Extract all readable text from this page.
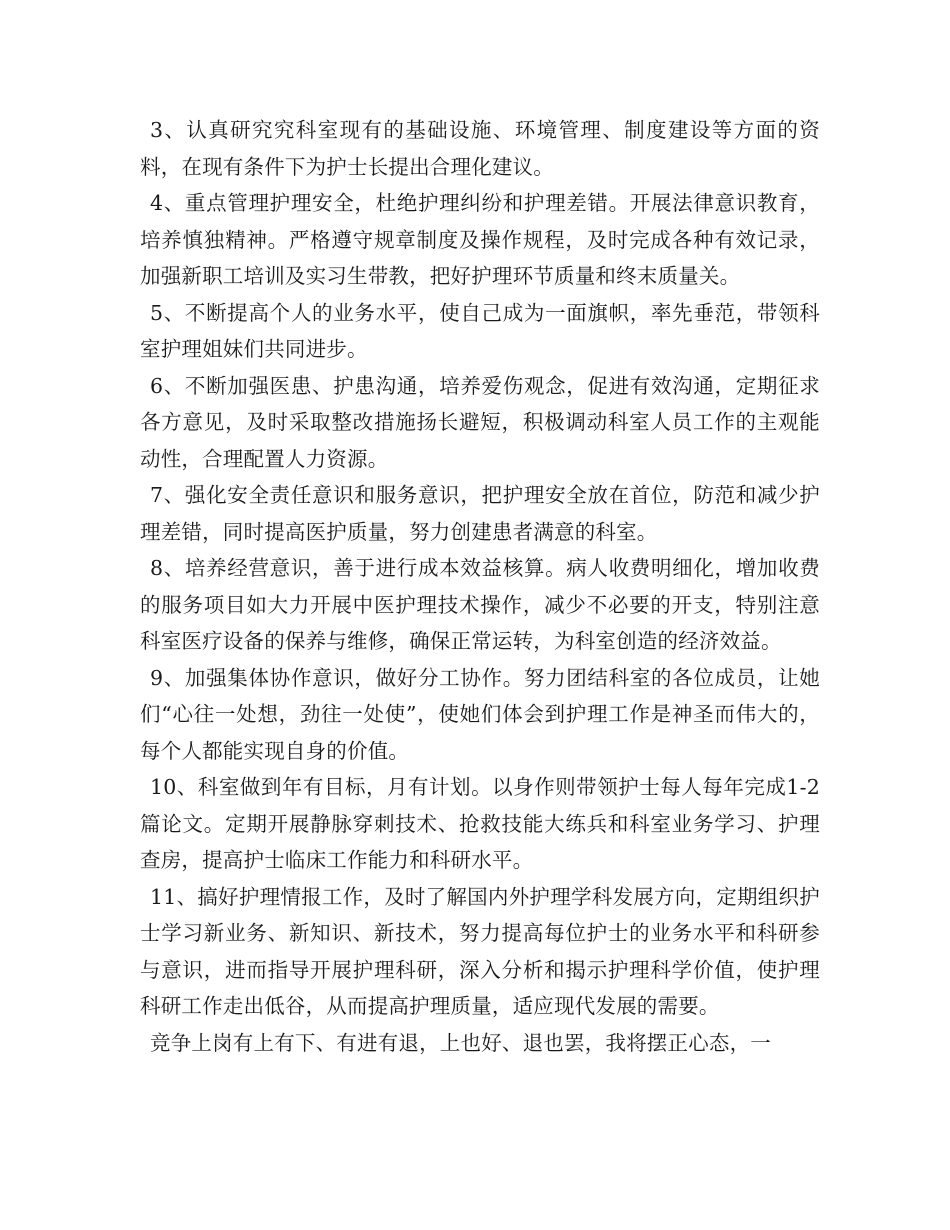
3、认真研究究科室现有的基础设施、环境管理、制度建设等方面的资料，在现有条件下为护士长提出合理化建议。

4、重点管理护理安全，杜绝护理纠纷和护理差错。开展法律意识教育，培养慎独精神。严格遵守规章制度及操作规程，及时完成各种有效记录，加强新职工培训及实习生带教，把好护理环节质量和终末质量关。

5、不断提高个人的业务水平，使自己成为一面旗帜，率先垂范，带领科室护理姐妹们共同进步。

6、不断加强医患、护患沟通，培养爱伤观念，促进有效沟通，定期征求各方意见，及时采取整改措施扬长避短，积极调动科室人员工作的主观能动性，合理配置人力资源。

7、强化安全责任意识和服务意识，把护理安全放在首位，防范和减少护理差错，同时提高医护质量，努力创建患者满意的科室。

8、培养经营意识，善于进行成本效益核算。病人收费明细化，增加收费的服务项目如大力开展中医护理技术操作，减少不必要的开支，特别注意科室医疗设备的保养与维修，确保正常运转，为科室创造的经济效益。

9、加强集体协作意识，做好分工协作。努力团结科室的各位成员，让她们“心往一处想，劲往一处使”，使她们体会到护理工作是神圣而伟大的，每个人都能实现自身的价值。

10、科室做到年有目标，月有计划。以身作则带领护士每人每年完成1-2篇论文。定期开展静脉穿刺技术、抢救技能大练兵和科室业务学习、护理查房，提高护士临床工作能力和科研水平。

11、搞好护理情报工作，及时了解国内外护理学科发展方向，定期组织护士学习新业务、新知识、新技术，努力提高每位护士的业务水平和科研参与意识，进而指导开展护理科研，深入分析和揭示护理科学价值，使护理科研工作走出低谷，从而提高护理质量，适应现代发展的需要。

竞争上岗有上有下、有进有退，上也好、退也罢，我将摆正心态，一
